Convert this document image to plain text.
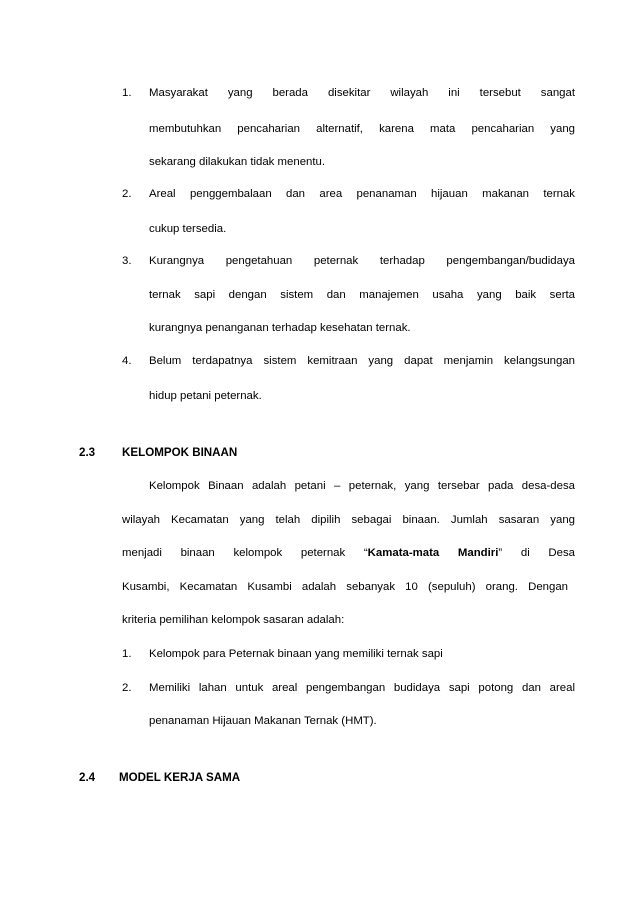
1. Masyarakat yang berada disekitar wilayah ini tersebut sangat
membutuhkan pencaharian alternatif, karena mata pencaharian yang
sekarang dilakukan tidak menentu.
2. Areal penggembalaan dan area penanaman hijauan makanan ternak
cukup tersedia.
3. Kurangnya pengetahuan peternak terhadap pengembangan/budidaya
ternak sapi dengan sistem dan manajemen usaha yang baik serta
kurangnya penanganan terhadap kesehatan ternak.
4. Belum terdapatnya sistem kemitraan yang dapat menjamin kelangsungan
hidup petani peternak.
2.3 KELOMPOK BINAAN
Kelompok Binaan adalah petani – peternak, yang tersebar pada desa-desa
wilayah Kecamatan yang telah dipilih sebagai binaan. Jumlah sasaran yang
menjadi binaan kelompok peternak “Kamata-mata Mandiri” di Desa
Kusambi, Kecamatan Kusambi adalah sebanyak 10 (sepuluh) orang. Dengan
kriteria pemilihan kelompok sasaran adalah:
1. Kelompok para Peternak binaan yang memiliki ternak sapi
2. Memiliki lahan untuk areal pengembangan budidaya sapi potong dan areal
penanaman Hijauan Makanan Ternak (HMT).
2.4 MODEL KERJA SAMA
